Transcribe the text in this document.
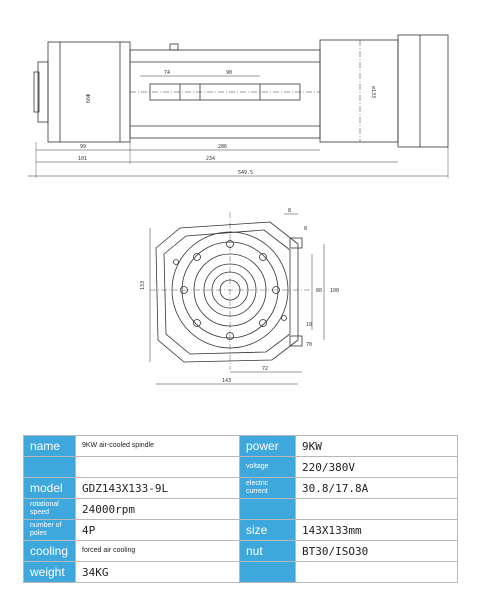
99
101
286
234
549.5
74	90
Φ99
∅133
133
143
72
100
80
8
8
10
70
name	9KW air-cooled spindle	power	9KW
		voltage	220/380V
model	GDZ143X133-9L	electric current	30.8/17.8A
rotational speed	24000rpm		
number of poles	4P	size	143X133mm
cooling	forced air cooling	nut	BT30/ISO30
weight	34KG		
